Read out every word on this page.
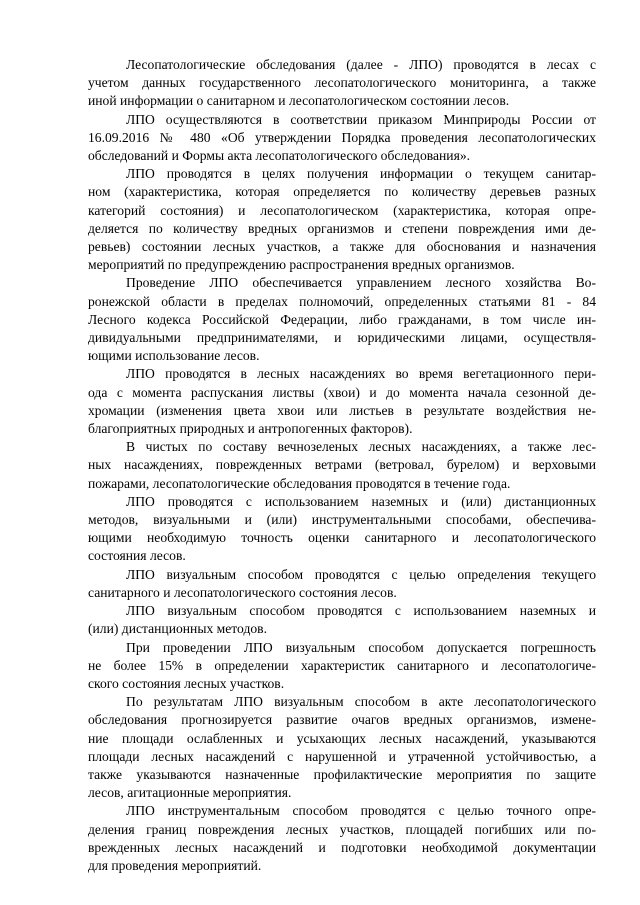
Лесопатологические обследования (далее - ЛПО) проводятся в лесах с
учетом данных государственного лесопатологического мониторинга, а также
иной информации о санитарном и лесопатологическом состоянии лесов.

ЛПО осуществляются в соответствии приказом Минприроды России от
16.09.2016 № 480 «Об утверждении Порядка проведения лесопатологических
обследований и Формы акта лесопатологического обследования».

ЛПО проводятся в целях получения информации о текущем санитар-
ном (характеристика, которая определяется по количеству деревьев разных
категорий состояния) и лесопатологическом (характеристика, которая опре-
деляется по количеству вредных организмов и степени повреждения ими де-
ревьев) состоянии лесных участков, а также для обоснования и назначения
мероприятий по предупреждению распространения вредных организмов.

Проведение ЛПО обеспечивается управлением лесного хозяйства Во-
ронежской области в пределах полномочий, определенных статьями 81 - 84
Лесного кодекса Российской Федерации, либо гражданами, в том числе ин-
дивидуальными предпринимателями, и юридическими лицами, осуществля-
ющими использование лесов.

ЛПО проводятся в лесных насаждениях во время вегетационного пери-
ода с момента распускания листвы (хвои) и до момента начала сезонной де-
хромации (изменения цвета хвои или листьев в результате воздействия не-
благоприятных природных и антропогенных факторов).

В чистых по составу вечнозеленых лесных насаждениях, а также лес-
ных насаждениях, поврежденных ветрами (ветровал, бурелом) и верховыми
пожарами, лесопатологические обследования проводятся в течение года.

ЛПО проводятся с использованием наземных и (или) дистанционных
методов, визуальными и (или) инструментальными способами, обеспечива-
ющими необходимую точность оценки санитарного и лесопатологического
состояния лесов.

ЛПО визуальным способом проводятся с целью определения текущего
санитарного и лесопатологического состояния лесов.

ЛПО визуальным способом проводятся с использованием наземных и
(или) дистанционных методов.

При проведении ЛПО визуальным способом допускается погрешность
не более 15% в определении характеристик санитарного и лесопатологиче-
ского состояния лесных участков.

По результатам ЛПО визуальным способом в акте лесопатологического
обследования прогнозируется развитие очагов вредных организмов, измене-
ние площади ослабленных и усыхающих лесных насаждений, указываются
площади лесных насаждений с нарушенной и утраченной устойчивостью, а
также указываются назначенные профилактические мероприятия по защите
лесов, агитационные мероприятия.

ЛПО инструментальным способом проводятся с целью точного опре-
деления границ повреждения лесных участков, площадей погибших или по-
врежденных лесных насаждений и подготовки необходимой документации
для проведения мероприятий.
